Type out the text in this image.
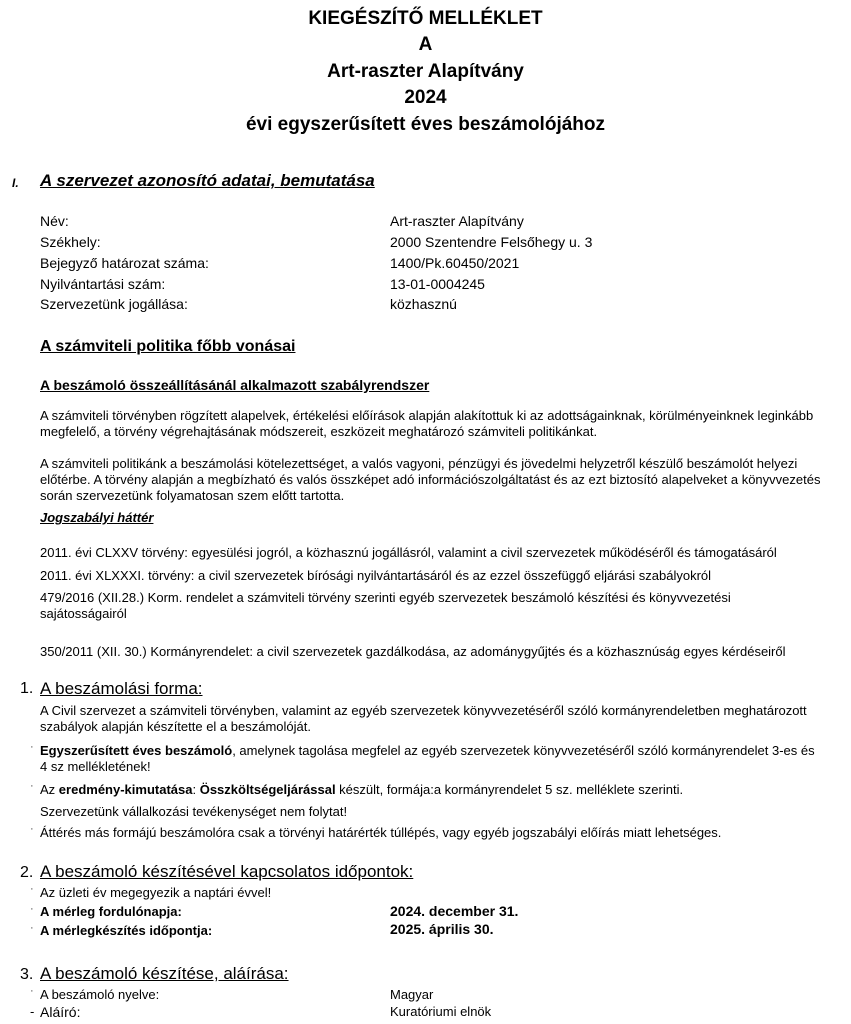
KIEGÉSZÍTŐ MELLÉKLET
A
Art-raszter Alapítvány
2024
évi egyszerűsített éves beszámolójához
I. A szervezet azonosító adatai, bemutatása
Név:	Art-raszter Alapítvány
Székhely:	2000 Szentendre Felsőhegy u. 3
Bejegyző határozat száma:	1400/Pk.60450/2021
Nyilvántartási szám:	13-01-0004245
Szervezetünk jogállása:	közhasznú
A számviteli politika főbb vonásai
A beszámoló összeállításánál alkalmazott szabályrendszer
A számviteli törvényben rögzített alapelvek, értékelési előírások alapján alakítottuk ki az adottságainknak, körülményeinknek leginkább megfelelő, a törvény végrehajtásának módszereit, eszközeit meghatározó számviteli politikánkat.
A számviteli politikánk a beszámolási kötelezettséget, a valós vagyoni, pénzügyi és jövedelmi helyzetről készülő beszámolót helyezi előtérbe. A törvény alapján a megbízható és valós összképet adó információszolgáltatást és az ezt biztosító alapelveket a könyvvezetés során szervezetünk folyamatosan szem előtt tartotta.
Jogszabályi háttér
2011. évi CLXXV törvény: egyesülési jogról, a közhasznú jogállásról, valamint a civil szervezetek működéséről és támogatásáról
2011. évi XLXXXI. törvény: a civil szervezetek bírósági nyilvántartásáról és az ezzel összefüggő eljárási szabályokról
479/2016 (XII.28.) Korm. rendelet a számviteli törvény szerinti egyéb szervezetek beszámoló készítési és könyvvezetési sajátosságairól
350/2011 (XII. 30.) Kormányrendelet: a civil szervezetek gazdálkodása, az adománygyűjtés és a közhasznúság egyes kérdéseiről
1. A beszámolási forma:
A Civil szervezet a számviteli törvényben, valamint az egyéb szervezetek könyvvezetéséről szóló kormányrendeletben meghatározott szabályok alapján készítette el a beszámolóját.
· Egyszerűsített éves beszámoló, amelynek tagolása megfelel az egyéb szervezetek könyvvezetéséről szóló kormányrendelet 3-es és 4 sz mellékletének!
· Az eredmény-kimutatása: Összköltségeljárással készült, formája:a kormányrendelet 5 sz. melléklete szerinti.
Szervezetünk vállalkozási tevékenységet nem folytat!
· Áttérés más formájú beszámolóra csak a törvényi határérték túllépés, vagy egyéb jogszabályi előírás miatt lehetséges.
2. A beszámoló készítésével kapcsolatos időpontok:
· Az üzleti év megegyezik a naptári évvel!
· A mérleg fordulónapja:	2024. december 31.
· A mérlegkészítés időpontja:	2025. április 30.
3. A beszámoló készítése, aláírása:
· A beszámoló nyelve:	Magyar
- Aláíró:	Kuratóriumi elnök
